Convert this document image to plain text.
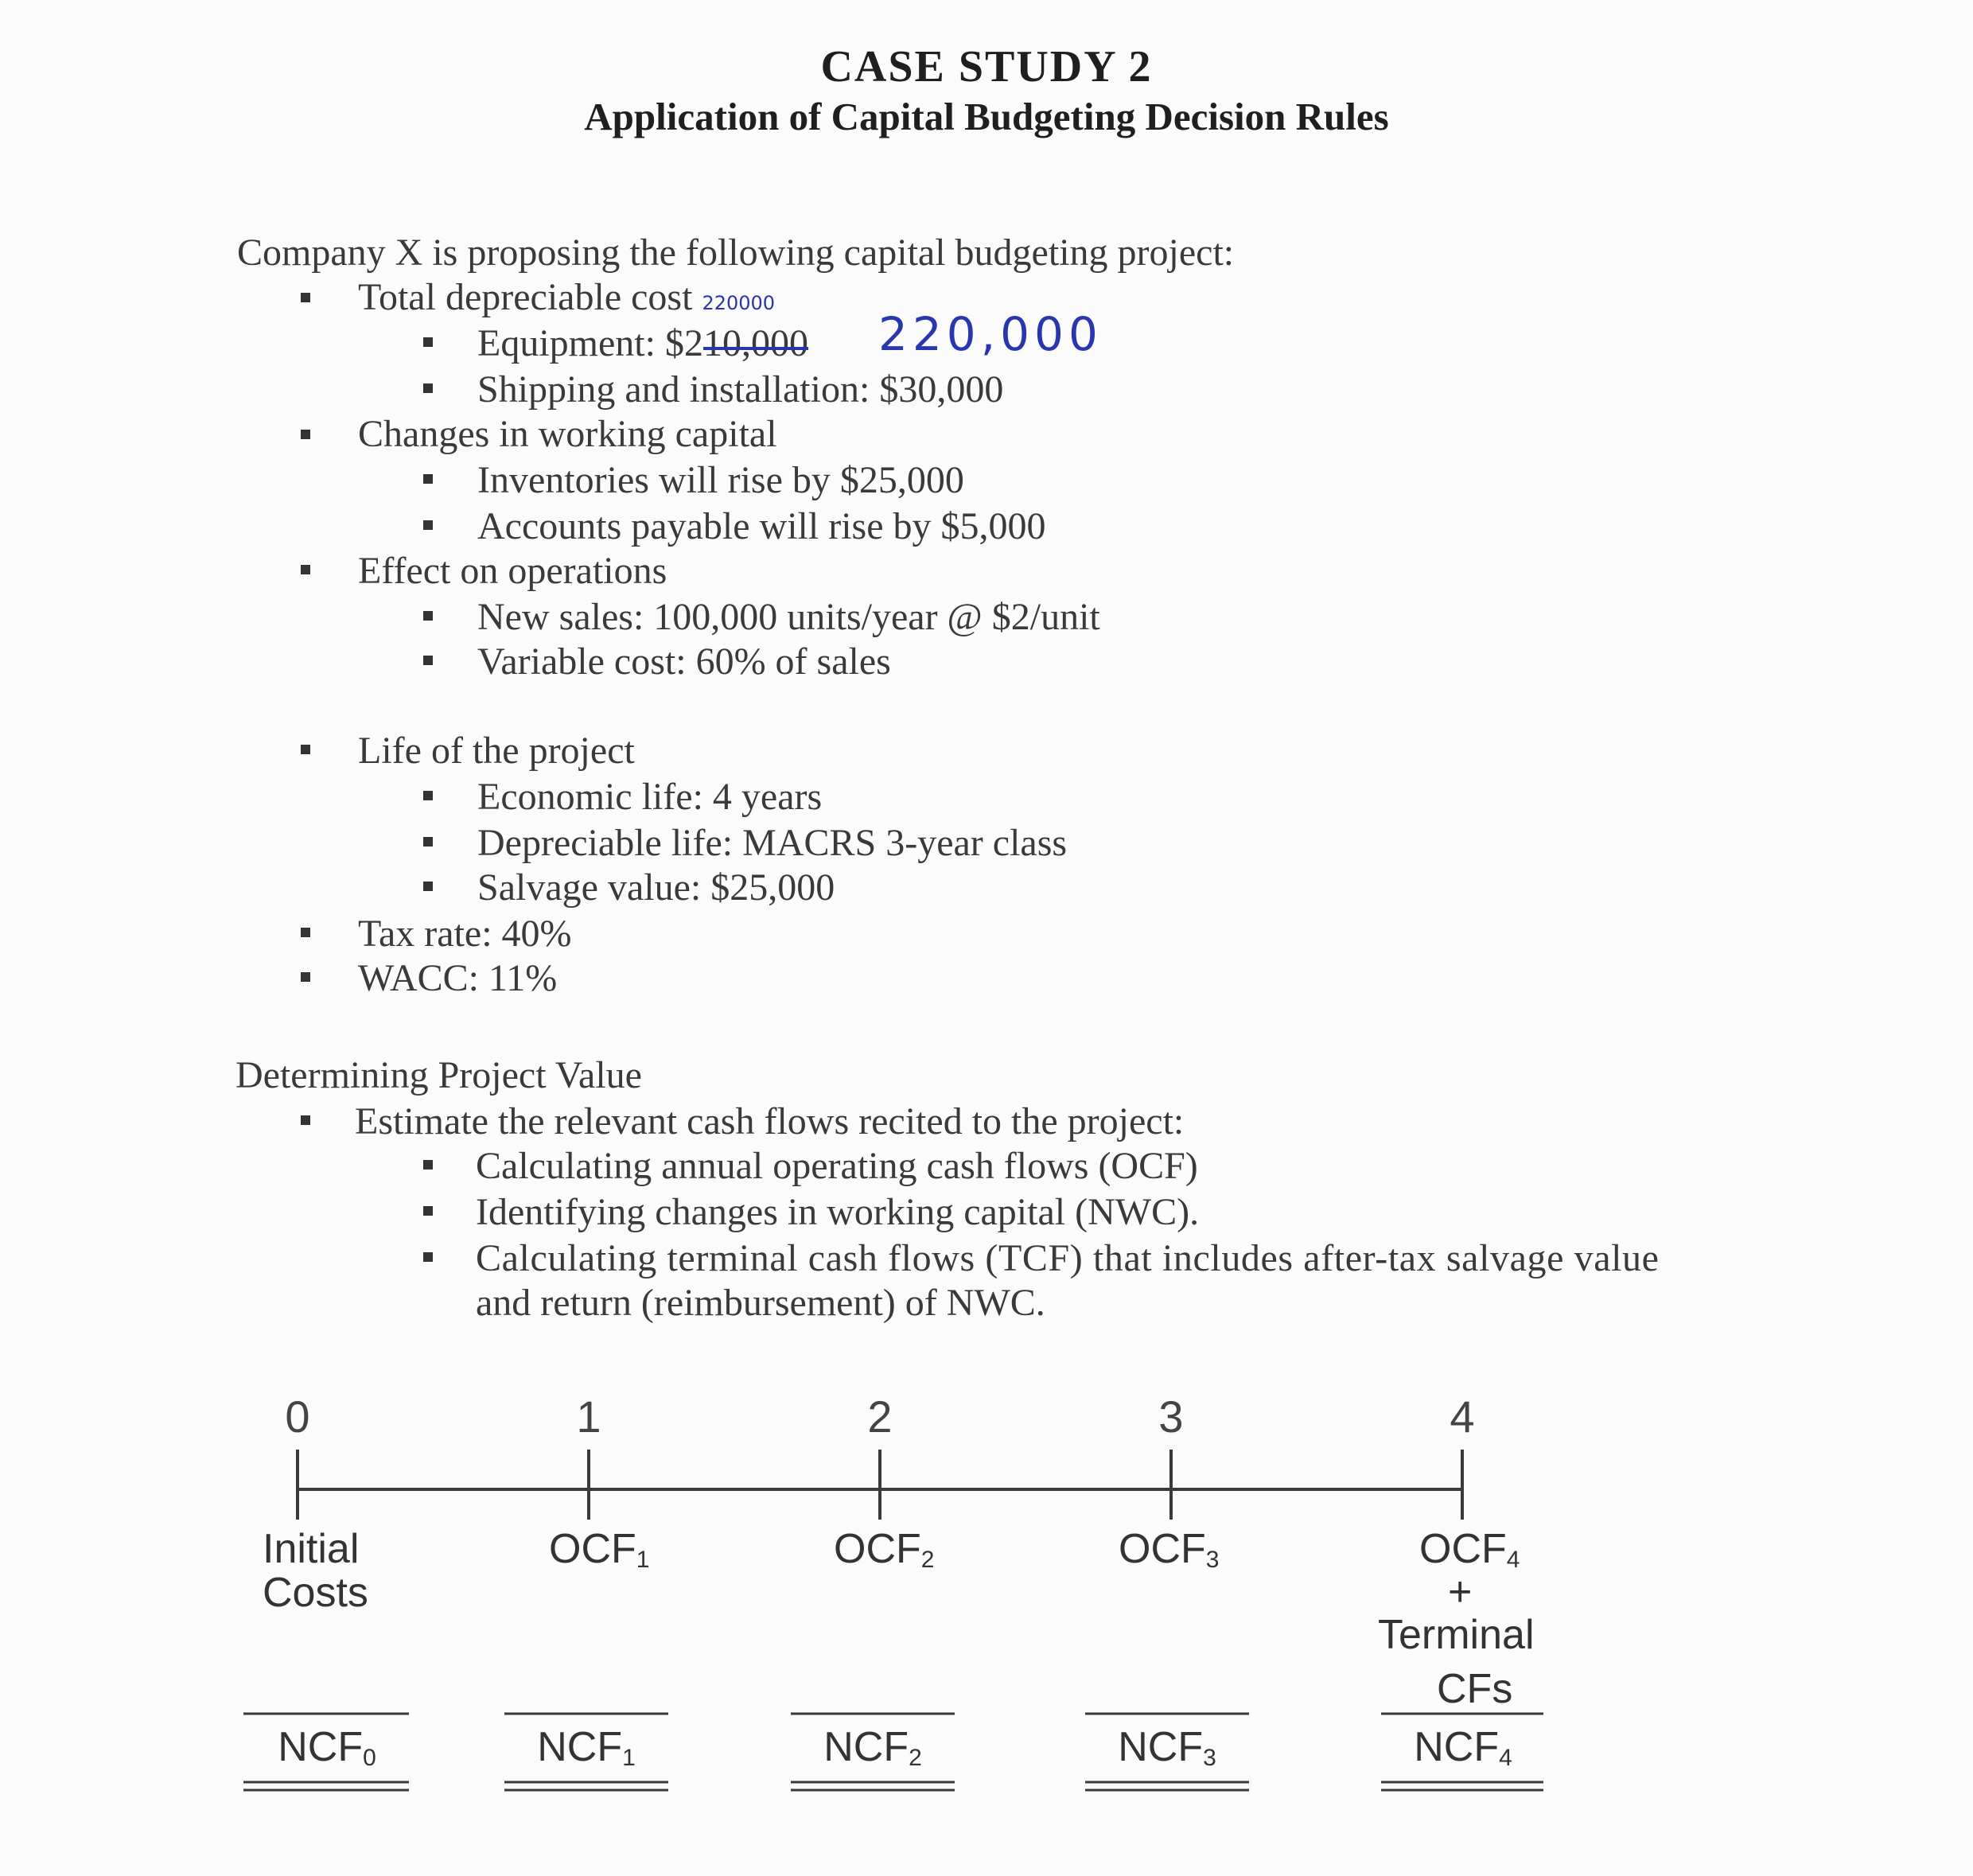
CASE STUDY 2
Application of Capital Budgeting Decision Rules
Company X is proposing the following capital budgeting project:
Total depreciable cost 220000
Equipment: $210,000 220,000
Shipping and installation: $30,000
Changes in working capital
Inventories will rise by $25,000
Accounts payable will rise by $5,000
Effect on operations
New sales: 100,000 units/year @ $2/unit
Variable cost: 60% of sales
Life of the project
Economic life: 4 years
Depreciable life: MACRS 3-year class
Salvage value: $25,000
Tax rate: 40%
WACC: 11%
Determining Project Value
Estimate the relevant cash flows recited to the project:
Calculating annual operating cash flows (OCF)
Identifying changes in working capital (NWC).
Calculating terminal cash flows (TCF) that includes after-tax salvage value
and return (reimbursement) of NWC.
0	1	2	3	4
Initial
Costs
$OCF_1$	$OCF_2$	$OCF_3$	$OCF_4$
+
Terminal
CFs
$NCF_0$	$NCF_1$	$NCF_2$	$NCF_3$	$NCF_4$
